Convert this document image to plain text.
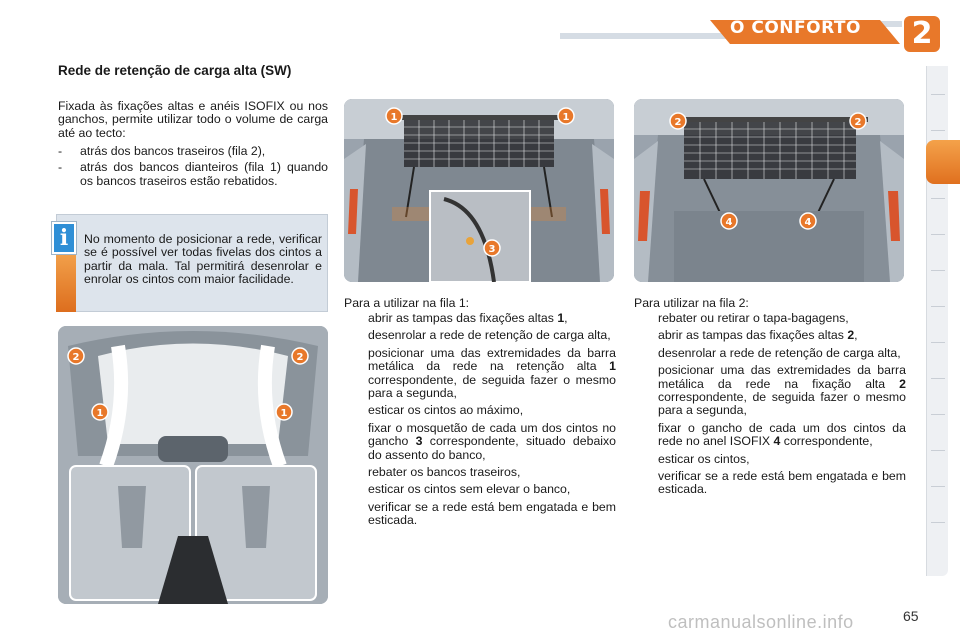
O CONFORTO	2
Rede de retenção de carga alta (SW)
Fixada às fixações altas e anéis ISOFIX ou nos ganchos, permite utilizar todo o volume de carga até ao tecto:
- atrás dos bancos traseiros (fila 2),
- atrás dos bancos dianteiros (fila 1) quando os bancos traseiros estão rebatidos.
i	No momento de posicionar a rede, verificar se é possível ver todas fivelas dos cintos a partir da mala. Tal permitirá desenrolar e enrolar os cintos com maior facilidade.
1	1
3
2	2
4	4
2	2
1	1
Para a utilizar na fila 1:
abrir as tampas das fixações altas 1,
desenrolar a rede de retenção de carga alta,
posicionar uma das extremidades da barra metálica da rede na retenção alta 1 correspondente, de seguida fazer o mesmo para a segunda,
esticar os cintos ao máximo,
fixar o mosquetão de cada um dos cintos no gancho 3 correspondente, situado debaixo do assento do banco,
rebater os bancos traseiros,
esticar os cintos sem elevar o banco,
verificar se a rede está bem engatada e bem esticada.
Para utilizar na fila 2:
rebater ou retirar o tapa-bagagens,
abrir as tampas das fixações altas 2,
desenrolar a rede de retenção de carga alta,
posicionar uma das extremidades da barra metálica da rede na fixação alta 2 correspondente, de seguida fazer o mesmo para a segunda,
fixar o gancho de cada um dos cintos da rede no anel ISOFIX 4 correspondente,
esticar os cintos,
verificar se a rede está bem engatada e bem esticada.
carmanualsonline.info	65
